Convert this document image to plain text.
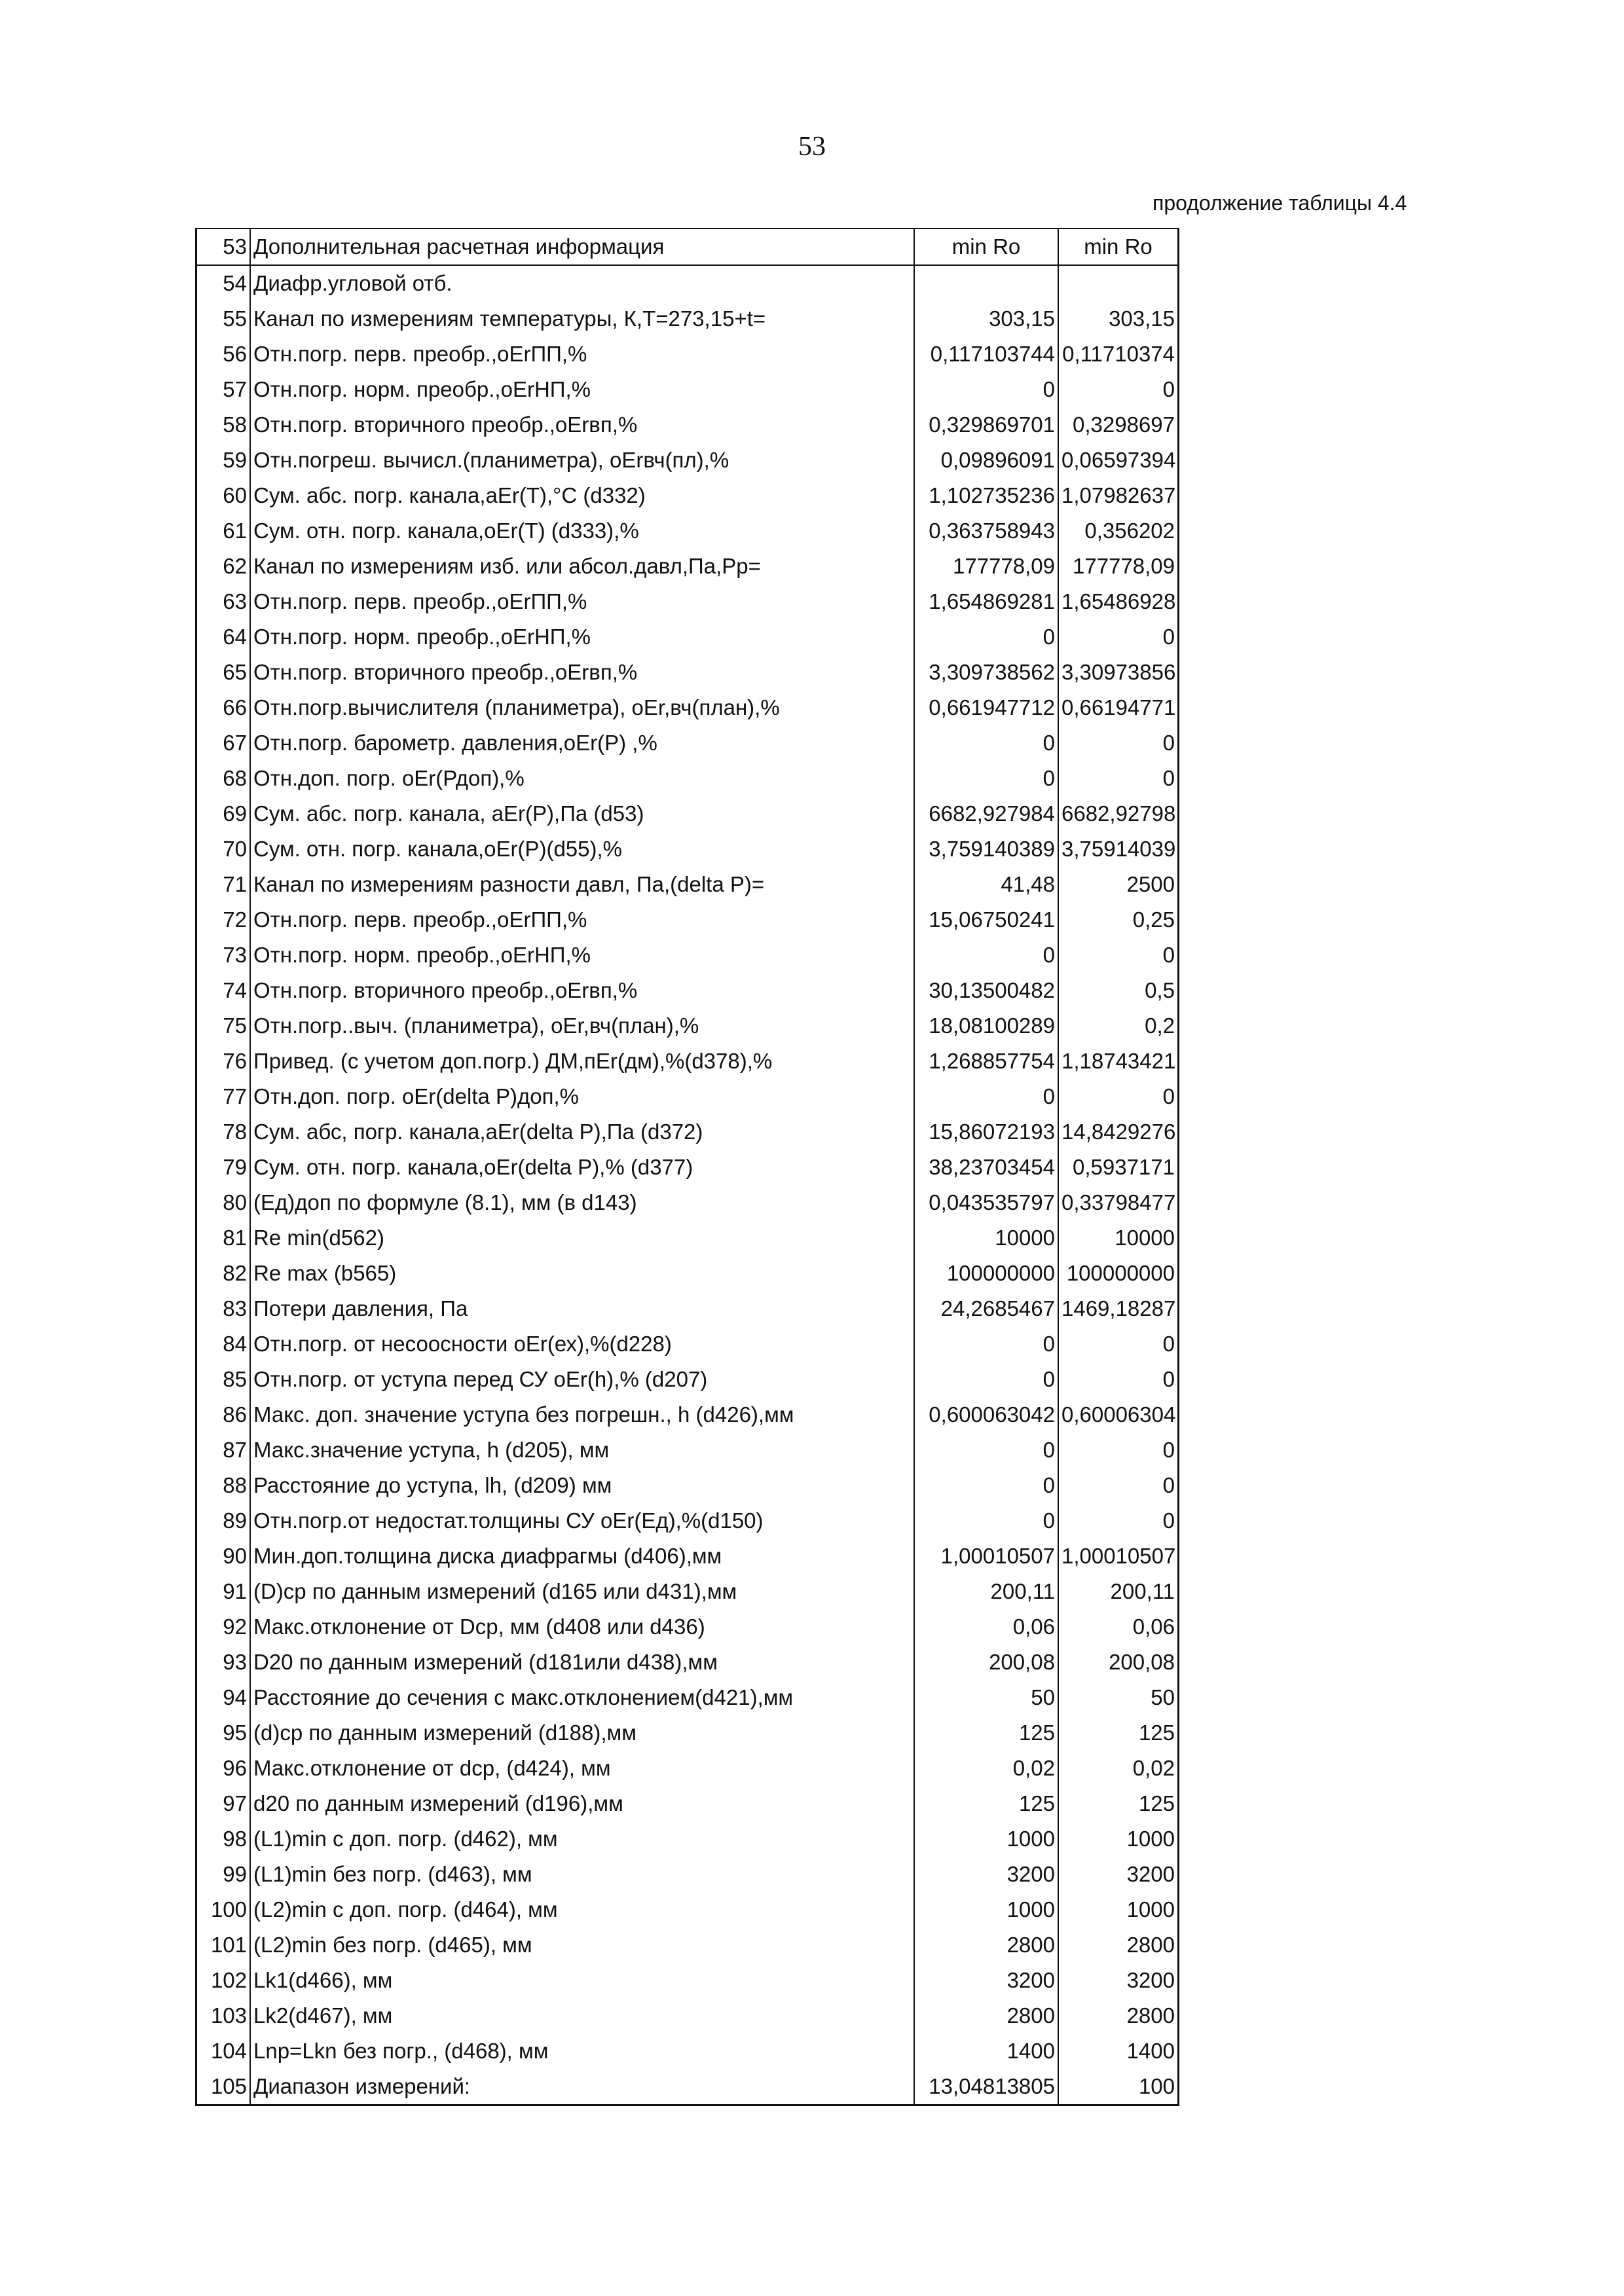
53
продолжение таблицы 4.4
53	Дополнительная расчетная информация	min Ro	min Ro
54	Диафр.угловой отб.		
55	Канал по измерениям температуры, К,Т=273,15+t=	303,15	303,15
56	Отн.погр. перв. преобр.,оЕrПП,%	0,117103744	0,11710374
57	Отн.погр. норм. преобр.,оЕrНП,%	0	0
58	Отн.погр. вторичного преобр.,оЕrвп,%	0,329869701	0,3298697
59	Отн.погреш. вычисл.(планиметра), оЕrвч(пл),%	0,09896091	0,06597394
60	Сум. абс. погр. канала,аЕr(Т),°С (d332)	1,102735236	1,07982637
61	Сум. отн. погр. канала,оЕr(Т) (d333),%	0,363758943	0,356202
62	Канал по измерениям изб. или абсол.давл,Па,Рр=	177778,09	177778,09
63	Отн.погр. перв. преобр.,оЕrПП,%	1,654869281	1,65486928
64	Отн.погр. норм. преобр.,оЕrНП,%	0	0
65	Отн.погр. вторичного преобр.,оЕrвп,%	3,309738562	3,30973856
66	Отн.погр.вычислителя (планиметра), оЕr,вч(план),%	0,661947712	0,66194771
67	Отн.погр. барометр. давления,оЕr(Р) ,%	0	0
68	Отн.доп. погр. оЕr(Рдоп),%	0	0
69	Сум. абс. погр. канала, аЕr(Р),Па (d53)	6682,927984	6682,92798
70	Сум. отн. погр. канала,оЕr(Р)(d55),%	3,759140389	3,75914039
71	Канал по измерениям разности давл, Па,(delta P)=	41,48	2500
72	Отн.погр. перв. преобр.,оЕrПП,%	15,06750241	0,25
73	Отн.погр. норм. преобр.,оЕrНП,%	0	0
74	Отн.погр. вторичного преобр.,оЕrвп,%	30,13500482	0,5
75	Отн.погр..выч. (планиметра), оЕr,вч(план),%	18,08100289	0,2
76	Привед. (с учетом доп.погр.) ДМ,пЕr(дм),%(d378),%	1,268857754	1,18743421
77	Отн.доп. погр. оЕr(delta P)доп,%	0	0
78	Сум. абс, погр. канала,аЕr(delta P),Па (d372)	15,86072193	14,8429276
79	Сум. отн. погр. канала,оЕr(delta P),% (d377)	38,23703454	0,5937171
80	(Ед)доп по формуле (8.1), мм (в d143)	0,043535797	0,33798477
81	Re min(d562)	10000	10000
82	Re max (b565)	100000000	100000000
83	Потери давления, Па	24,2685467	1469,18287
84	Отн.погр. от несоосности оЕr(ех),%(d228)	0	0
85	Отн.погр. от уступа перед СУ оЕr(h),% (d207)	0	0
86	Макс. доп. значение уступа без погрешн., h (d426),мм	0,600063042	0,60006304
87	Макс.значение уступа, h (d205), мм	0	0
88	Расстояние до уступа, lh, (d209) мм	0	0
89	Отн.погр.от недостат.толщины СУ оЕr(Ед),%(d150)	0	0
90	Мин.доп.толщина диска диафрагмы (d406),мм	1,00010507	1,00010507
91	(D)ср по данным измерений (d165 или d431),мм	200,11	200,11
92	Макс.отклонение от Dср, мм (d408 или d436)	0,06	0,06
93	D20 по данным измерений (d181или d438),мм	200,08	200,08
94	Расстояние до сечения с макс.отклонением(d421),мм	50	50
95	(d)ср по данным измерений (d188),мм	125	125
96	Макс.отклонение от dср, (d424), мм	0,02	0,02
97	d20 по данным измерений (d196),мм	125	125
98	(L1)min с доп. погр. (d462), мм	1000	1000
99	(L1)min без погр. (d463), мм	3200	3200
100	(L2)min с доп. погр. (d464), мм	1000	1000
101	(L2)min без погр. (d465), мм	2800	2800
102	Lk1(d466), мм	3200	3200
103	Lk2(d467), мм	2800	2800
104	Lnp=Lkn без погр., (d468), мм	1400	1400
105	Диапазон измерений:	13,04813805	100
